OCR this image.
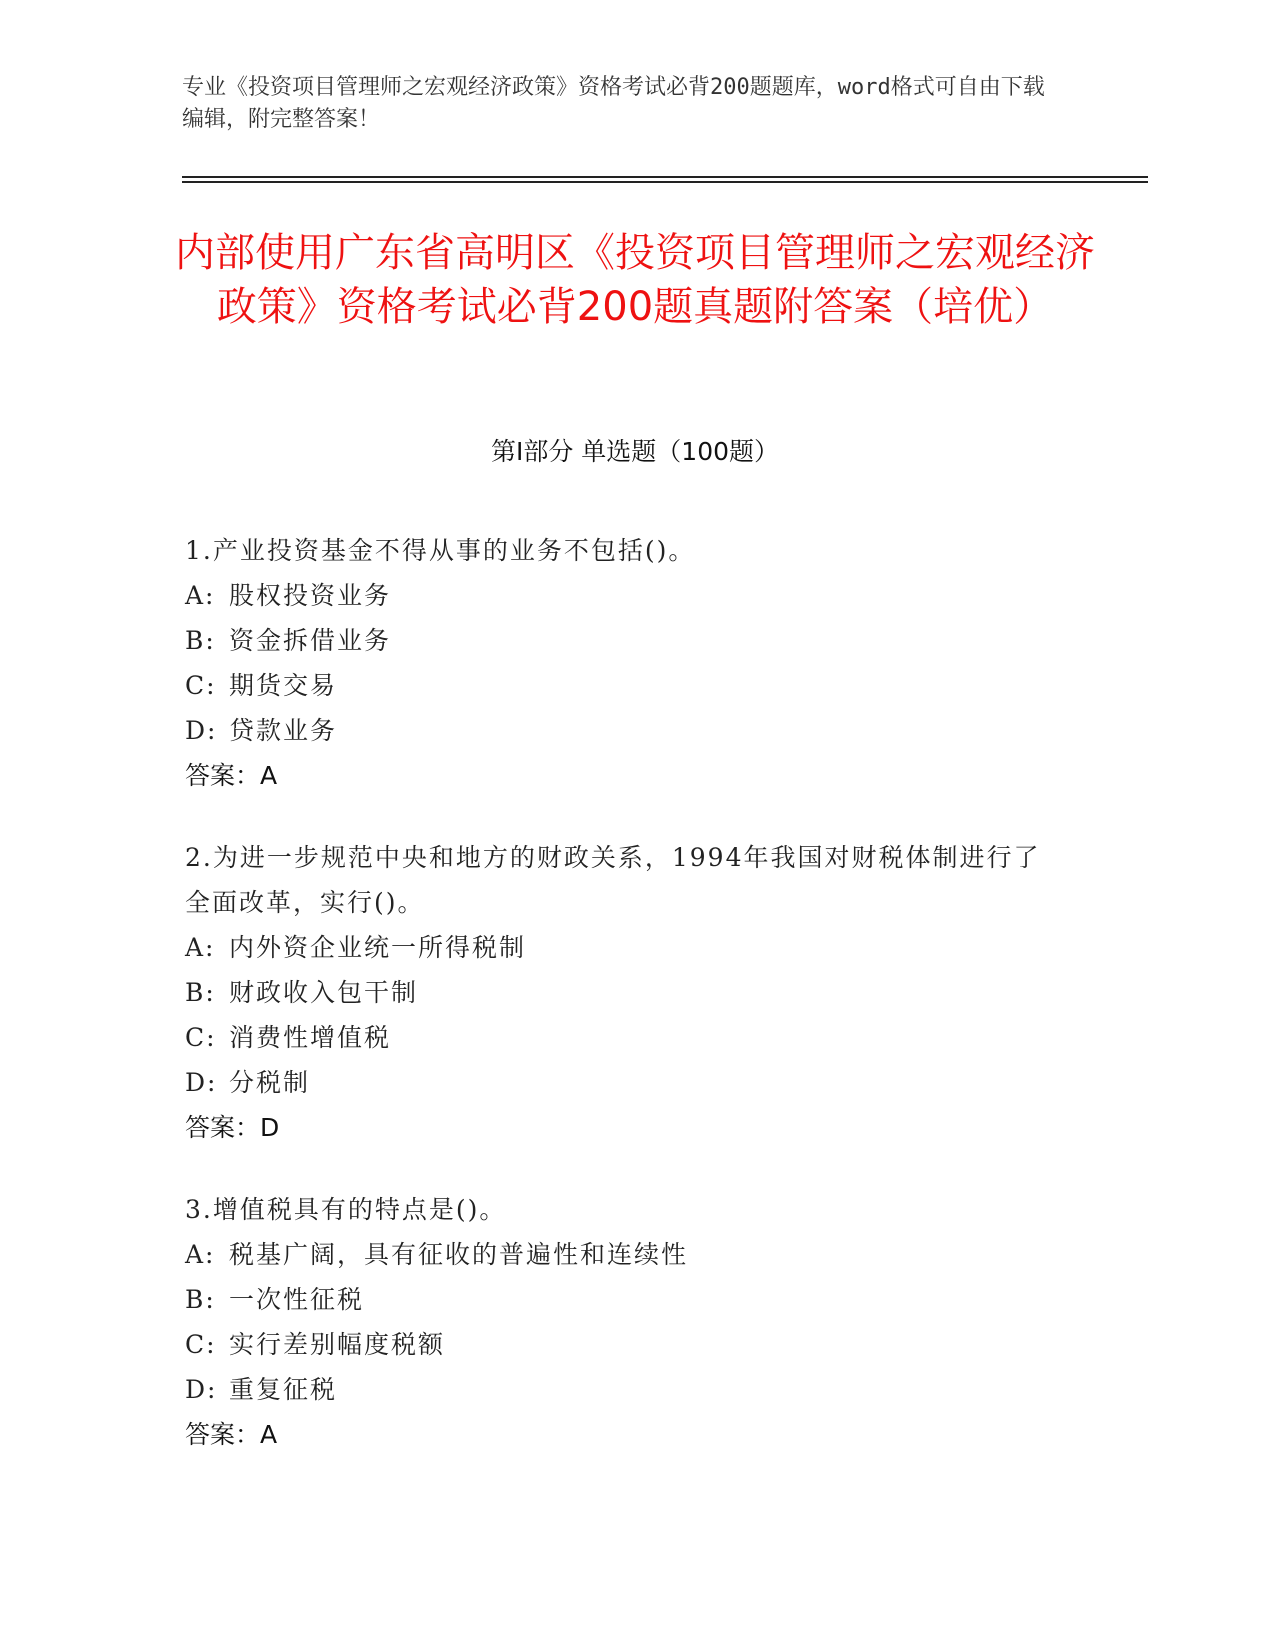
专业《投资项目管理师之宏观经济政策》资格考试必背200题题库，word格式可自由下载编辑，附完整答案！
内部使用广东省高明区《投资项目管理师之宏观经济政策》资格考试必背200题真题附答案（培优）
第Ⅰ部分 单选题（100题）

1.产业投资基金不得从事的业务不包括()。

A: 股权投资业务

B: 资金拆借业务

C: 期货交易

D: 贷款业务

答案：A

2.为进一步规范中央和地方的财政关系，1994年我国对财税体制进行了全面改革，实行()。

A: 内外资企业统一所得税制

B: 财政收入包干制

C: 消费性增值税

D: 分税制

答案：D

3.增值税具有的特点是()。

A: 税基广阔，具有征收的普遍性和连续性

B: 一次性征税

C: 实行差别幅度税额

D: 重复征税

答案：A
